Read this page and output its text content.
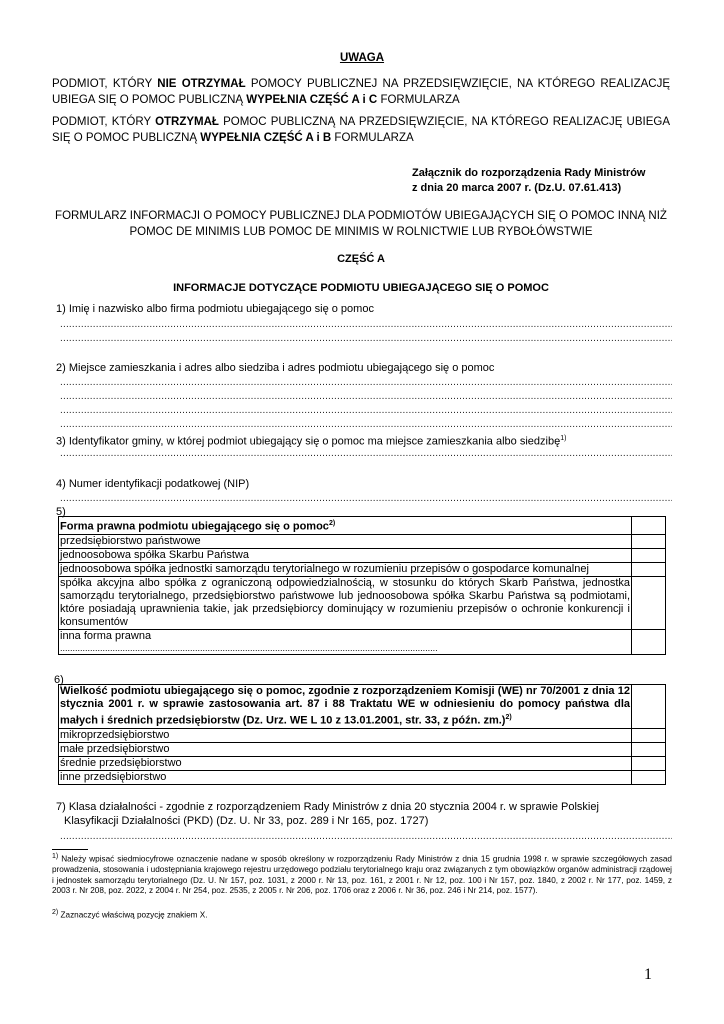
UWAGA
PODMIOT, KTÓRY NIE OTRZYMAŁ POMOCY PUBLICZNEJ NA PRZEDSIĘWZIĘCIE, NA KTÓREGO REALIZACJĘ UBIEGA SIĘ O POMOC PUBLICZNĄ WYPEŁNIA CZĘŚĆ A i C FORMULARZA
PODMIOT, KTÓRY OTRZYMAŁ POMOC PUBLICZNĄ NA PRZEDSIĘWZIĘCIE, NA KTÓREGO REALIZACJĘ UBIEGA SIĘ O POMOC PUBLICZNĄ WYPEŁNIA CZĘŚĆ A i B FORMULARZA
Załącznik do rozporządzenia Rady Ministrów
z dnia 20 marca 2007 r. (Dz.U. 07.61.413)
FORMULARZ INFORMACJI O POMOCY PUBLICZNEJ DLA PODMIOTÓW UBIEGAJĄCYCH SIĘ O POMOC INNĄ NIŻ POMOC DE MINIMIS LUB POMOC DE MINIMIS W ROLNICTWIE LUB RYBOŁÓWSTWIE
CZĘŚĆ A
INFORMACJE DOTYCZĄCE PODMIOTU UBIEGAJĄCEGO SIĘ O POMOC
1) Imię i nazwisko albo firma podmiotu ubiegającego się o pomoc
.....
.....
2) Miejsce zamieszkania i adres albo siedziba i adres podmiotu ubiegającego się o pomoc
.....
.....
.....
.....
3) Identyfikator gminy, w której podmiot ubiegający się o pomoc ma miejsce zamieszkania albo siedzibę$^{1)}$
.....
4) Numer identyfikacji podatkowej (NIP)
.....
5)
Forma prawna podmiotu ubiegającego się o pomoc$^{2)}$	
przedsiębiorstwo państwowe	
jednoosobowa spółka Skarbu Państwa	
jednoosobowa spółka jednostki samorządu terytorialnego w rozumieniu przepisów o gospodarce komunalnej	
spółka akcyjna albo spółka z ograniczoną odpowiedzialnością, w stosunku do których Skarb Państwa, jednostka samorządu terytorialnego, przedsiębiorstwo państwowe lub jednoosobowa spółka Skarbu Państwa są podmiotami, które posiadają uprawnienia takie, jak przedsiębiorcy dominujący w rozumieniu przepisów o ochronie konkurencji i konsumentów	

inna forma prawna
.......................................................................................................................................................	

6)
Wielkość podmiotu ubiegającego się o pomoc, zgodnie z rozporządzeniem Komisji (WE) nr 70/2001 z dnia 12 stycznia 2001 r. w sprawie zastosowania art. 87 i 88 Traktatu WE w odniesieniu do pomocy państwa dla małych i średnich przedsiębiorstw (Dz. Urz. WE L 10 z 13.01.2001, str. 33, z późn. zm.)$^{2)}$	
mikroprzedsiębiorstwo	
małe przedsiębiorstwo	
średnie przedsiębiorstwo	
inne przedsiębiorstwo	
7) Klasa działalności - zgodnie z rozporządzeniem Rady Ministrów z dnia 20 stycznia 2004 r. w sprawie Polskiej
Klasyfikacji Działalności (PKD) (Dz. U. Nr 33, poz. 289 i Nr 165, poz. 1727)
.....
$^{1)}$ Należy wpisać siedmiocyfrowe oznaczenie nadane w sposób określony w rozporządzeniu Rady Ministrów z dnia 15 grudnia 1998 r. w sprawie szczegółowych zasad prowadzenia, stosowania i udostępniania krajowego rejestru urzędowego podziału terytorialnego kraju oraz związanych z tym obowiązków organów administracji rządowej i jednostek samorządu terytorialnego (Dz. U. Nr 157, poz. 1031, z 2000 r. Nr 13, poz. 161, z 2001 r. Nr 12, poz. 100 i Nr 157, poz. 1840, z 2002 r. Nr 177, poz. 1459, z 2003 r. Nr 208, poz. 2022, z 2004 r. Nr 254, poz. 2535, z 2005 r. Nr 206, poz. 1706 oraz z 2006 r. Nr 36, poz. 246 i Nr 214, poz. 1577).
$^{2)}$ Zaznaczyć właściwą pozycję znakiem X.
1
